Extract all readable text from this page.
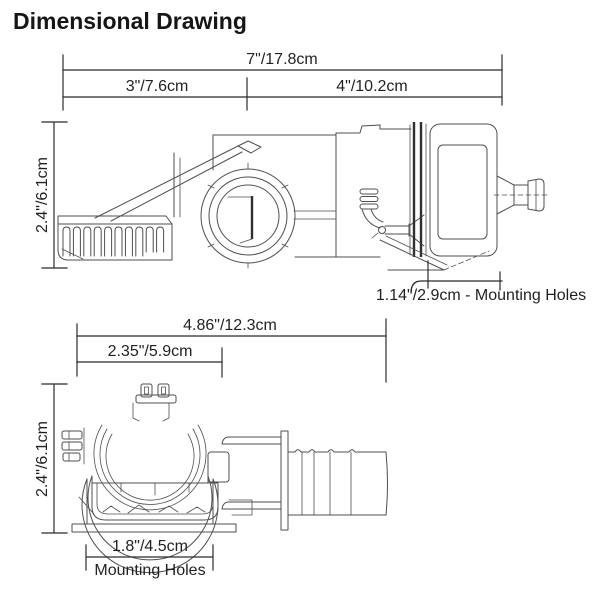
Dimensional Drawing
7"/17.8cm
3"/7.6cm	4"/10.2cm
2.4"/6.1cm
1.14"/2.9cm - Mounting Holes
4.86"/12.3cm
2.35"/5.9cm
2.4"/6.1cm
1.8"/4.5cm
Mounting Holes
